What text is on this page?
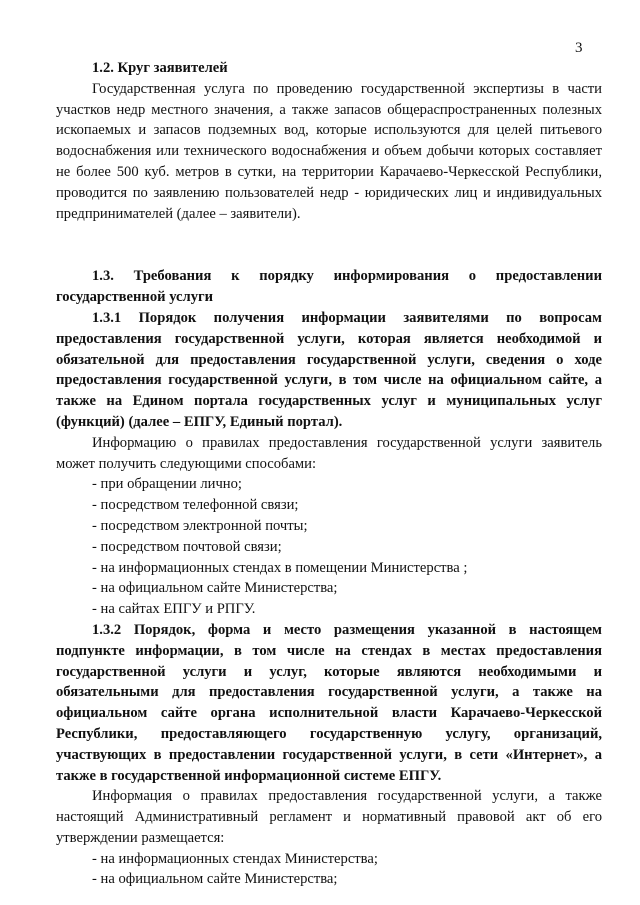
3

1.2. Круг заявителей

Государственная услуга по проведению государственной экспертизы в части участков недр местного значения, а также запасов общераспространенных полезных ископаемых и запасов подземных вод, которые используются для целей питьевого водоснабжения или технического водоснабжения и объем добычи которых составляет не более 500 куб. метров в сутки, на территории Карачаево-Черкесской Республики, проводится по заявлению пользователей недр - юридических лиц и индивидуальных предпринимателей (далее – заявители).

1.3. Требования к порядку информирования о предоставлении государственной услуги

1.3.1 Порядок получения информации заявителями по вопросам предоставления государственной услуги, которая является необходимой и обязательной для предоставления государственной услуги, сведения о ходе предоставления государственной услуги, в том числе на официальном сайте, а также на Едином портала государственных услуг и муниципальных услуг (функций) (далее – ЕПГУ, Единый портал).

Информацию о правилах предоставления государственной услуги заявитель может получить следующими способами:

- при обращении лично;

- посредством телефонной связи;

- посредством электронной почты;

- посредством почтовой связи;

- на информационных стендах в помещении Министерства ;

- на официальном сайте Министерства;

- на сайтах ЕПГУ и РПГУ.

1.3.2 Порядок, форма и место размещения указанной в настоящем подпункте информации, в том числе на стендах в местах предоставления государственной услуги и услуг, которые являются необходимыми и обязательными для предоставления государственной услуги, а также на официальном сайте органа исполнительной власти Карачаево-Черкесской Республики, предоставляющего государственную услугу, организаций, участвующих в предоставлении государственной услуги, в сети «Интернет», а также в государственной информационной системе ЕПГУ.

Информация о правилах предоставления государственной услуги, а также настоящий Административный регламент и нормативный правовой акт об его утверждении размещается:

- на информационных стендах Министерства;

- на официальном сайте Министерства;
